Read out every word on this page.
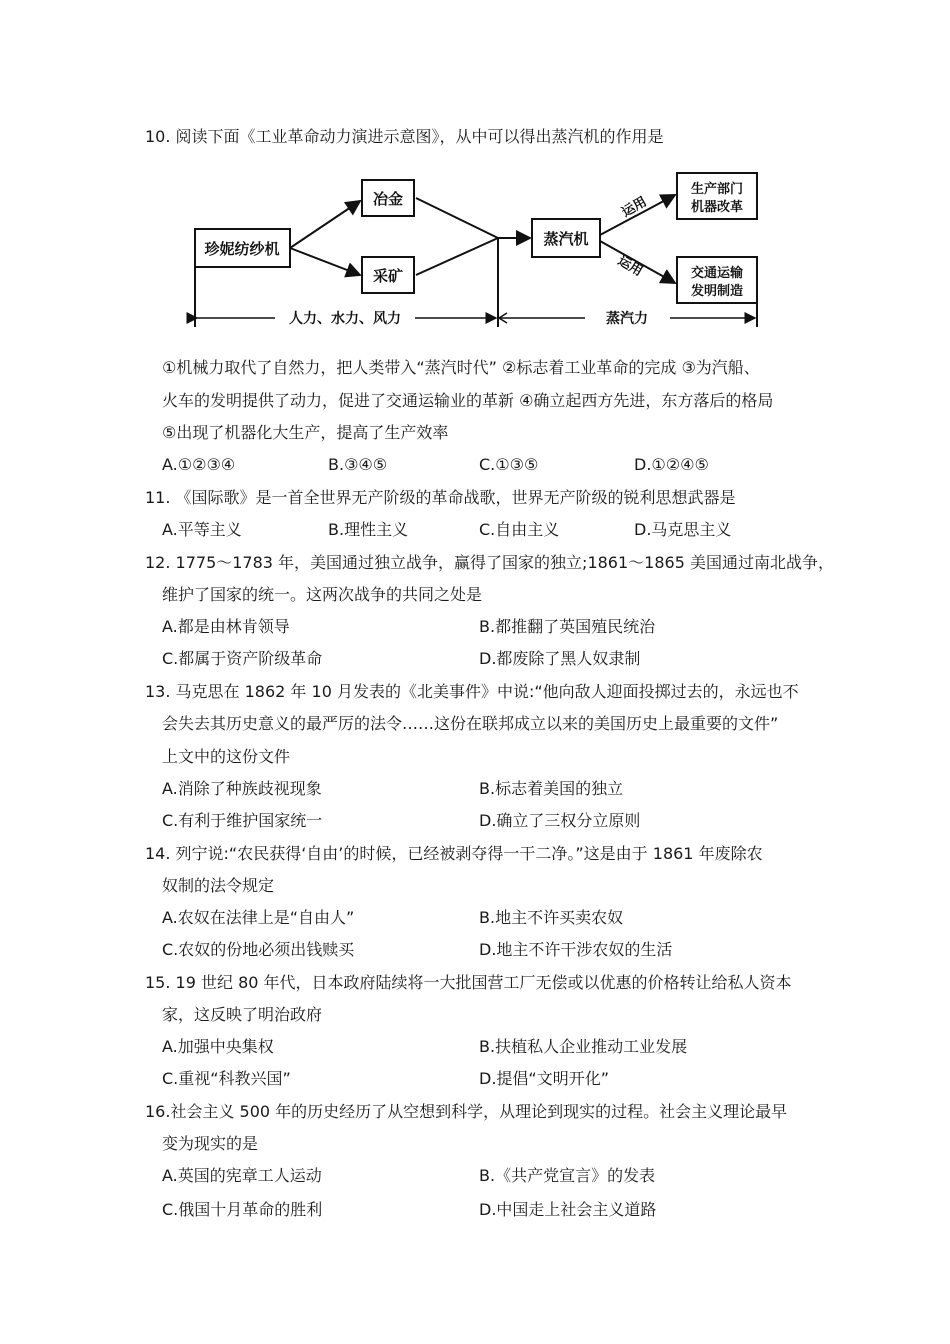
10. 阅读下面《工业革命动力演进示意图》，从中可以得出蒸汽机的作用是
珍妮纺纱机
冶金
采矿
蒸汽机
生产部门
机器改革
交通运输
发明制造
运用
运用
人力、水力、风力	蒸汽力
①机械力取代了自然力，把人类带入“蒸汽时代” ②标志着工业革命的完成 ③为汽船、
火车的发明提供了动力，促进了交通运输业的革新 ④确立起西方先进，东方落后的格局
⑤出现了机器化大生产，提高了生产效率
A.①②③④	B.③④⑤	C.①③⑤	D.①②④⑤
11. 《国际歌》是一首全世界无产阶级的革命战歌，世界无产阶级的锐利思想武器是
A.平等主义	B.理性主义	C.自由主义	D.马克思主义
12. 1775～1783 年，美国通过独立战争，赢得了国家的独立;1861～1865 美国通过南北战争，
维护了国家的统一。这两次战争的共同之处是
A.都是由林肯领导	B.都推翻了英国殖民统治
C.都属于资产阶级革命	D.都废除了黑人奴隶制
13. 马克思在 1862 年 10 月发表的《北美事件》中说:“他向敌人迎面投掷过去的，永远也不
会失去其历史意义的最严厉的法令……这份在联邦成立以来的美国历史上最重要的文件”
上文中的这份文件
A.消除了种族歧视现象	B.标志着美国的独立
C.有利于维护国家统一	D.确立了三权分立原则
14. 列宁说:“农民获得‘自由’的时候，已经被剥夺得一干二净。”这是由于 1861 年废除农
奴制的法令规定
A.农奴在法律上是“自由人”	B.地主不许买卖农奴
C.农奴的份地必须出钱赎买	D.地主不许干涉农奴的生活
15. 19 世纪 80 年代，日本政府陆续将一大批国营工厂无偿或以优惠的价格转让给私人资本
家，这反映了明治政府
A.加强中央集权	B.扶植私人企业推动工业发展
C.重视“科教兴国”	D.提倡“文明开化”
16.社会主义 500 年的历史经历了从空想到科学，从理论到现实的过程。社会主义理论最早
变为现实的是
A.英国的宪章工人运动	B.《共产党宣言》的发表
C.俄国十月革命的胜利	D.中国走上社会主义道路
